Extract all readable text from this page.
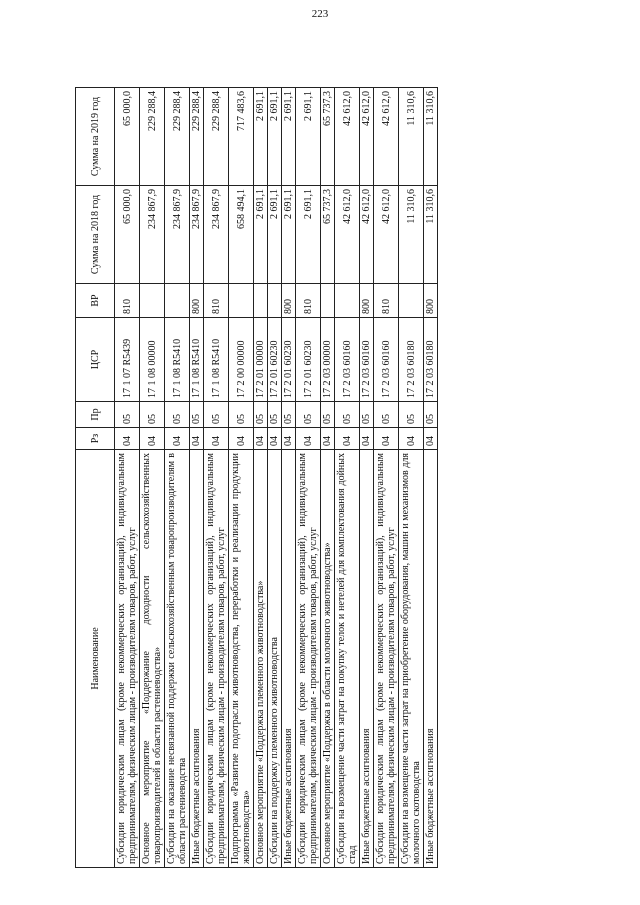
223
Наименование	Рз	Пр	ЦСР	ВР	Сумма на 2018 год	Сумма на 2019 год
Субсидии юридическим лицам (кроме некоммерческих организаций), индивидуальным предпринимателям, физическим лицам - производителям товаров, работ, услуг	04	05	17 1 07 R5439	810	65 000,0	65 000,0
Основное мероприятие «Поддержание доходности сельскохозяйственных товаропроизводителей в области растениеводства»	04	05	17 1 08 00000		234 867,9	229 288,4
Субсидии на оказание несвязанной поддержки сельскохозяйственным товаропроизводителям в области растениеводства	04	05	17 1 08 R5410		234 867,9	229 288,4
Иные бюджетные ассигнования	04	05	17 1 08 R5410	800	234 867,9	229 288,4
Субсидии юридическим лицам (кроме некоммерческих организаций), индивидуальным предпринимателям, физическим лицам - производителям товаров, работ, услуг	04	05	17 1 08 R5410	810	234 867,9	229 288,4
Подпрограмма «Развитие подотрасли животноводства, переработки и реализации продукции животноводства»	04	05	17 2 00 00000		658 494,1	717 483,6
Основное мероприятие «Поддержка племенного животноводства»	04	05	17 2 01 00000		2 691,1	2 691,1
Субсидии на поддержку племенного животноводства	04	05	17 2 01 60230		2 691,1	2 691,1
Иные бюджетные ассигнования	04	05	17 2 01 60230	800	2 691,1	2 691,1
Субсидии юридическим лицам (кроме некоммерческих организаций), индивидуальным предпринимателям, физическим лицам - производителям товаров, работ, услуг	04	05	17 2 01 60230	810	2 691,1	2 691,1
Основное мероприятие «Поддержка в области молочного животноводства»	04	05	17 2 03 00000		65 737,3	65 737,3
Субсидии на возмещение части затрат на покупку телок и нетелей для комплектования дойных стад	04	05	17 2 03 60160		42 612,0	42 612,0
Иные бюджетные ассигнования	04	05	17 2 03 60160	800	42 612,0	42 612,0
Субсидии юридическим лицам (кроме некоммерческих организаций), индивидуальным предпринимателям, физическим лицам - производителям товаров, работ, услуг	04	05	17 2 03 60160	810	42 612,0	42 612,0
Субсидии на возмещение части затрат на приобретение оборудования, машин и механизмов для молочного скотоводства	04	05	17 2 03 60180		11 310,6	11 310,6
Иные бюджетные ассигнования	04	05	17 2 03 60180	800	11 310,6	11 310,6
